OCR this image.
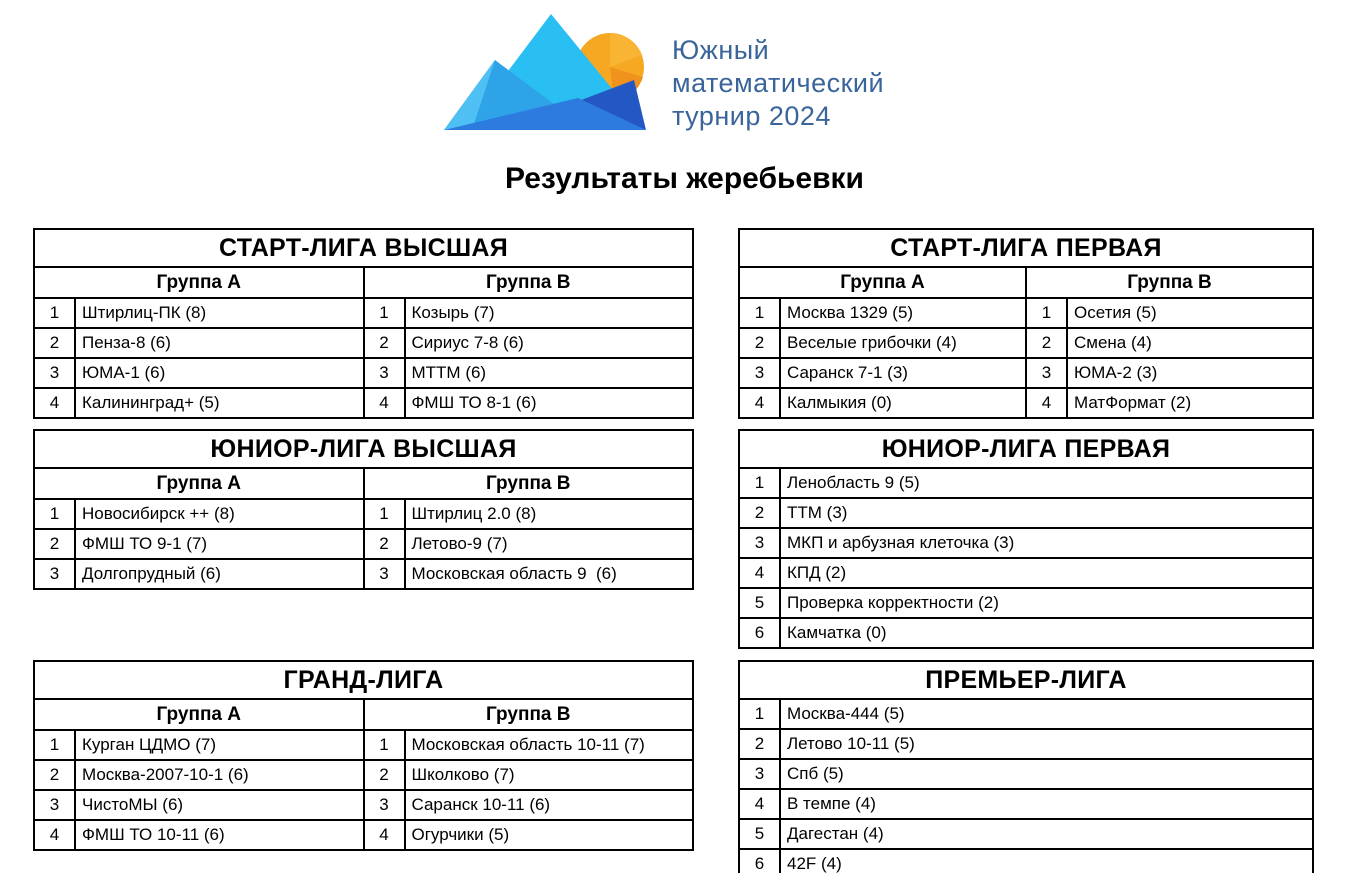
Южный
математический
турнир 2024
Результаты жеребьевки
СТАРТ-ЛИГА ВЫСШАЯ			
Группа А		Группа В	
1	Штирлиц-ПК (8)	1	Козырь (7)
2	Пенза-8 (6)	2	Сириус 7-8 (6)
3	ЮМА-1 (6)	3	МТТМ (6)
4	Калининград+ (5)	4	ФМШ ТО 8-1 (6)
СТАРТ-ЛИГА ПЕРВАЯ			
Группа А		Группа В	
1	Москва 1329 (5)	1	Осетия (5)
2	Веселые грибочки (4)	2	Смена (4)
3	Саранск 7-1 (3)	3	ЮМА-2 (3)
4	Калмыкия (0)	4	МатФормат (2)
ЮНИОР-ЛИГА ВЫСШАЯ			
Группа А		Группа В	
1	Новосибирск ++ (8)	1	Штирлиц 2.0 (8)
2	ФМШ ТО 9-1 (7)	2	Летово-9 (7)
3	Долгопрудный (6)	3	Московская область 9  (6)
ЮНИОР-ЛИГА ПЕРВАЯ	
1	Ленобласть 9 (5)
2	ТТМ (3)
3	МКП и арбузная клеточка (3)
4	КПД (2)
5	Проверка корректности (2)
6	Камчатка (0)
ГРАНД-ЛИГА			
Группа А		Группа В	
1	Курган ЦДМО (7)	1	Московская область 10-11 (7)
2	Москва-2007-10-1 (6)	2	Школково (7)
3	ЧистоМЫ (6)	3	Саранск 10-11 (6)
4	ФМШ ТО 10-11 (6)	4	Огурчики (5)
ПРЕМЬЕР-ЛИГА	
1	Москва-444 (5)
2	Летово 10-11 (5)
3	Спб (5)
4	В темпе (4)
5	Дагестан (4)
6	42F (4)
